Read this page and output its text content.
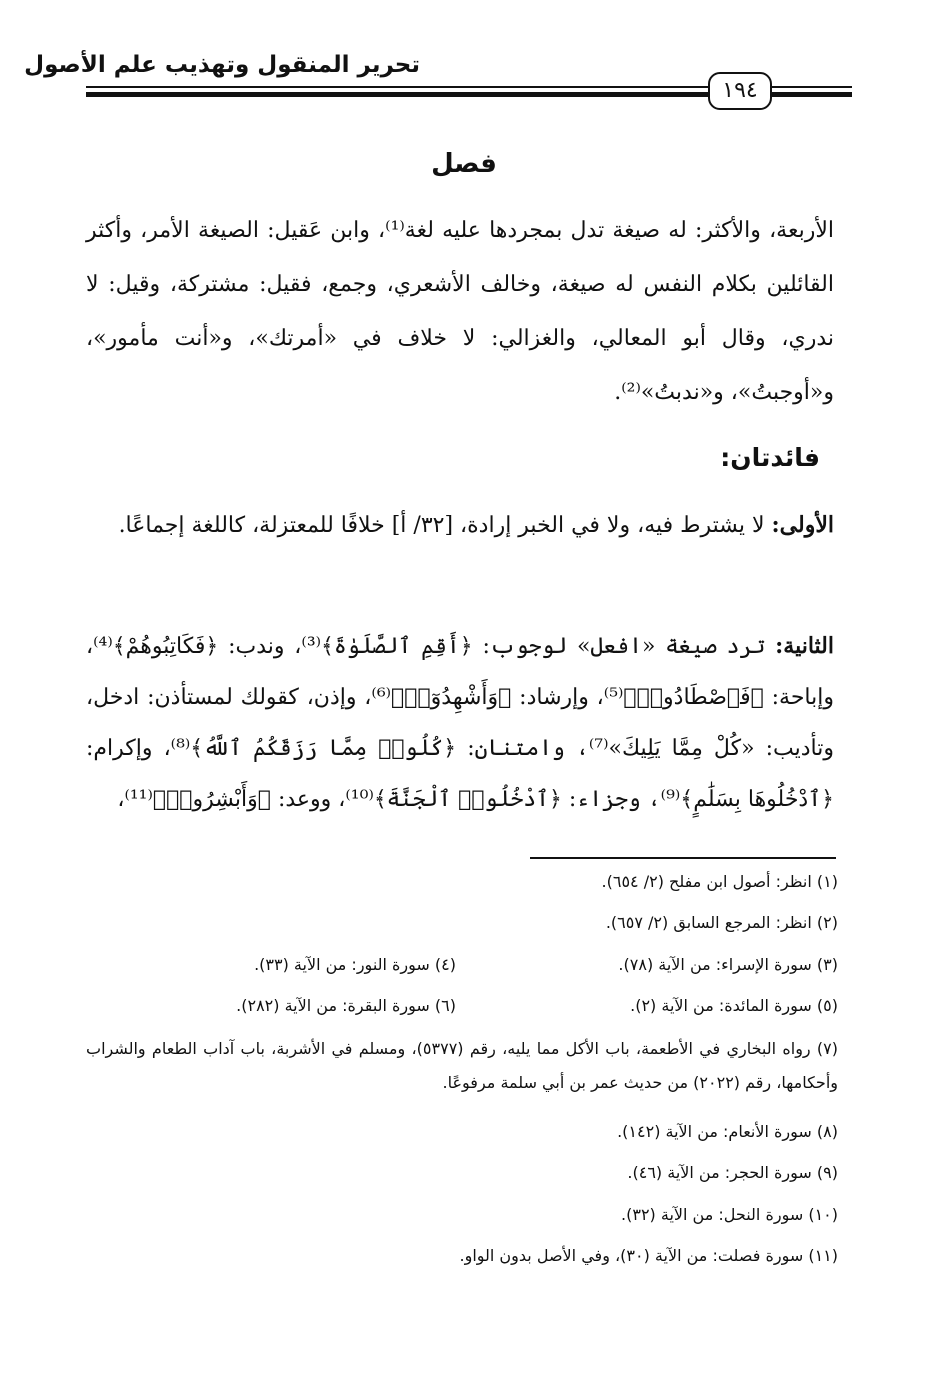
تحرير المنقول وتهذيب علم الأصول
١٩٤
فصل
الأربعة، والأكثر: له صيغة تدل بمجردها عليه لغة⁽¹⁾، وابن عَقيل: الصيغة الأمر، وأكثر القائلين بكلام النفس له صيغة، وخالف الأشعري، وجمع، فقيل: مشتركة، وقيل: لا ندري، وقال أبو المعالي، والغزالي: لا خلاف في «أمرتك»، و«أنت مأمور»، و«أوجبتُ»، و«ندبتُ»⁽²⁾.
فائدتان:
الأولى: لا يشترط فيه، ولا في الخبر إرادة، [٣٢/ أ] خلافًا للمعتزلة، كاللغة إجماعًا.
الثانية: ترد صيغة «افعل» لوجوب: ﴿أَقِمِ ٱلصَّلَوٰةَ﴾⁽³⁾، وندب: ﴿فَكَاتِبُوهُمْ﴾⁽⁴⁾، وإباحة: ﴿فَٱصْطَادُوا۟﴾⁽⁵⁾، وإرشاد: ﴿وَأَشْهِدُوٓا۟﴾⁽⁶⁾، وإذن، كقولك لمستأذن: ادخل، وتأديب: «كُلْ مِمَّا يَلِيكَ»⁽⁷⁾، وامتنان: ﴿كُلُوا۟ مِمَّا رَزَقَكُمُ ٱللَّهُ﴾⁽⁸⁾، وإكرام: ﴿ٱدْخُلُوهَا بِسَلَٰمٍ﴾⁽⁹⁾، وجزاء: ﴿ٱدْخُلُوا۟ ٱلْجَنَّةَ﴾⁽¹⁰⁾، ووعد: ﴿وَأَبْشِرُوا۟﴾⁽¹¹⁾،
(١) انظر: أصول ابن مفلح (٢/ ٦٥٤).
(٢) انظر: المرجع السابق (٢/ ٦٥٧).
(٣) سورة الإسراء: من الآية (٧٨).
(٤) سورة النور: من الآية (٣٣).
(٥) سورة المائدة: من الآية (٢).
(٦) سورة البقرة: من الآية (٢٨٢).
(٧) رواه البخاري في الأطعمة، باب الأكل مما يليه، رقم (٥٣٧٧)، ومسلم في الأشربة، باب آداب الطعام والشراب وأحكامها، رقم (٢٠٢٢) من حديث عمر بن أبي سلمة مرفوعًا.
(٨) سورة الأنعام: من الآية (١٤٢).
(٩) سورة الحجر: من الآية (٤٦).
(١٠) سورة النحل: من الآية (٣٢).
(١١) سورة فصلت: من الآية (٣٠)، وفي الأصل بدون الواو.
